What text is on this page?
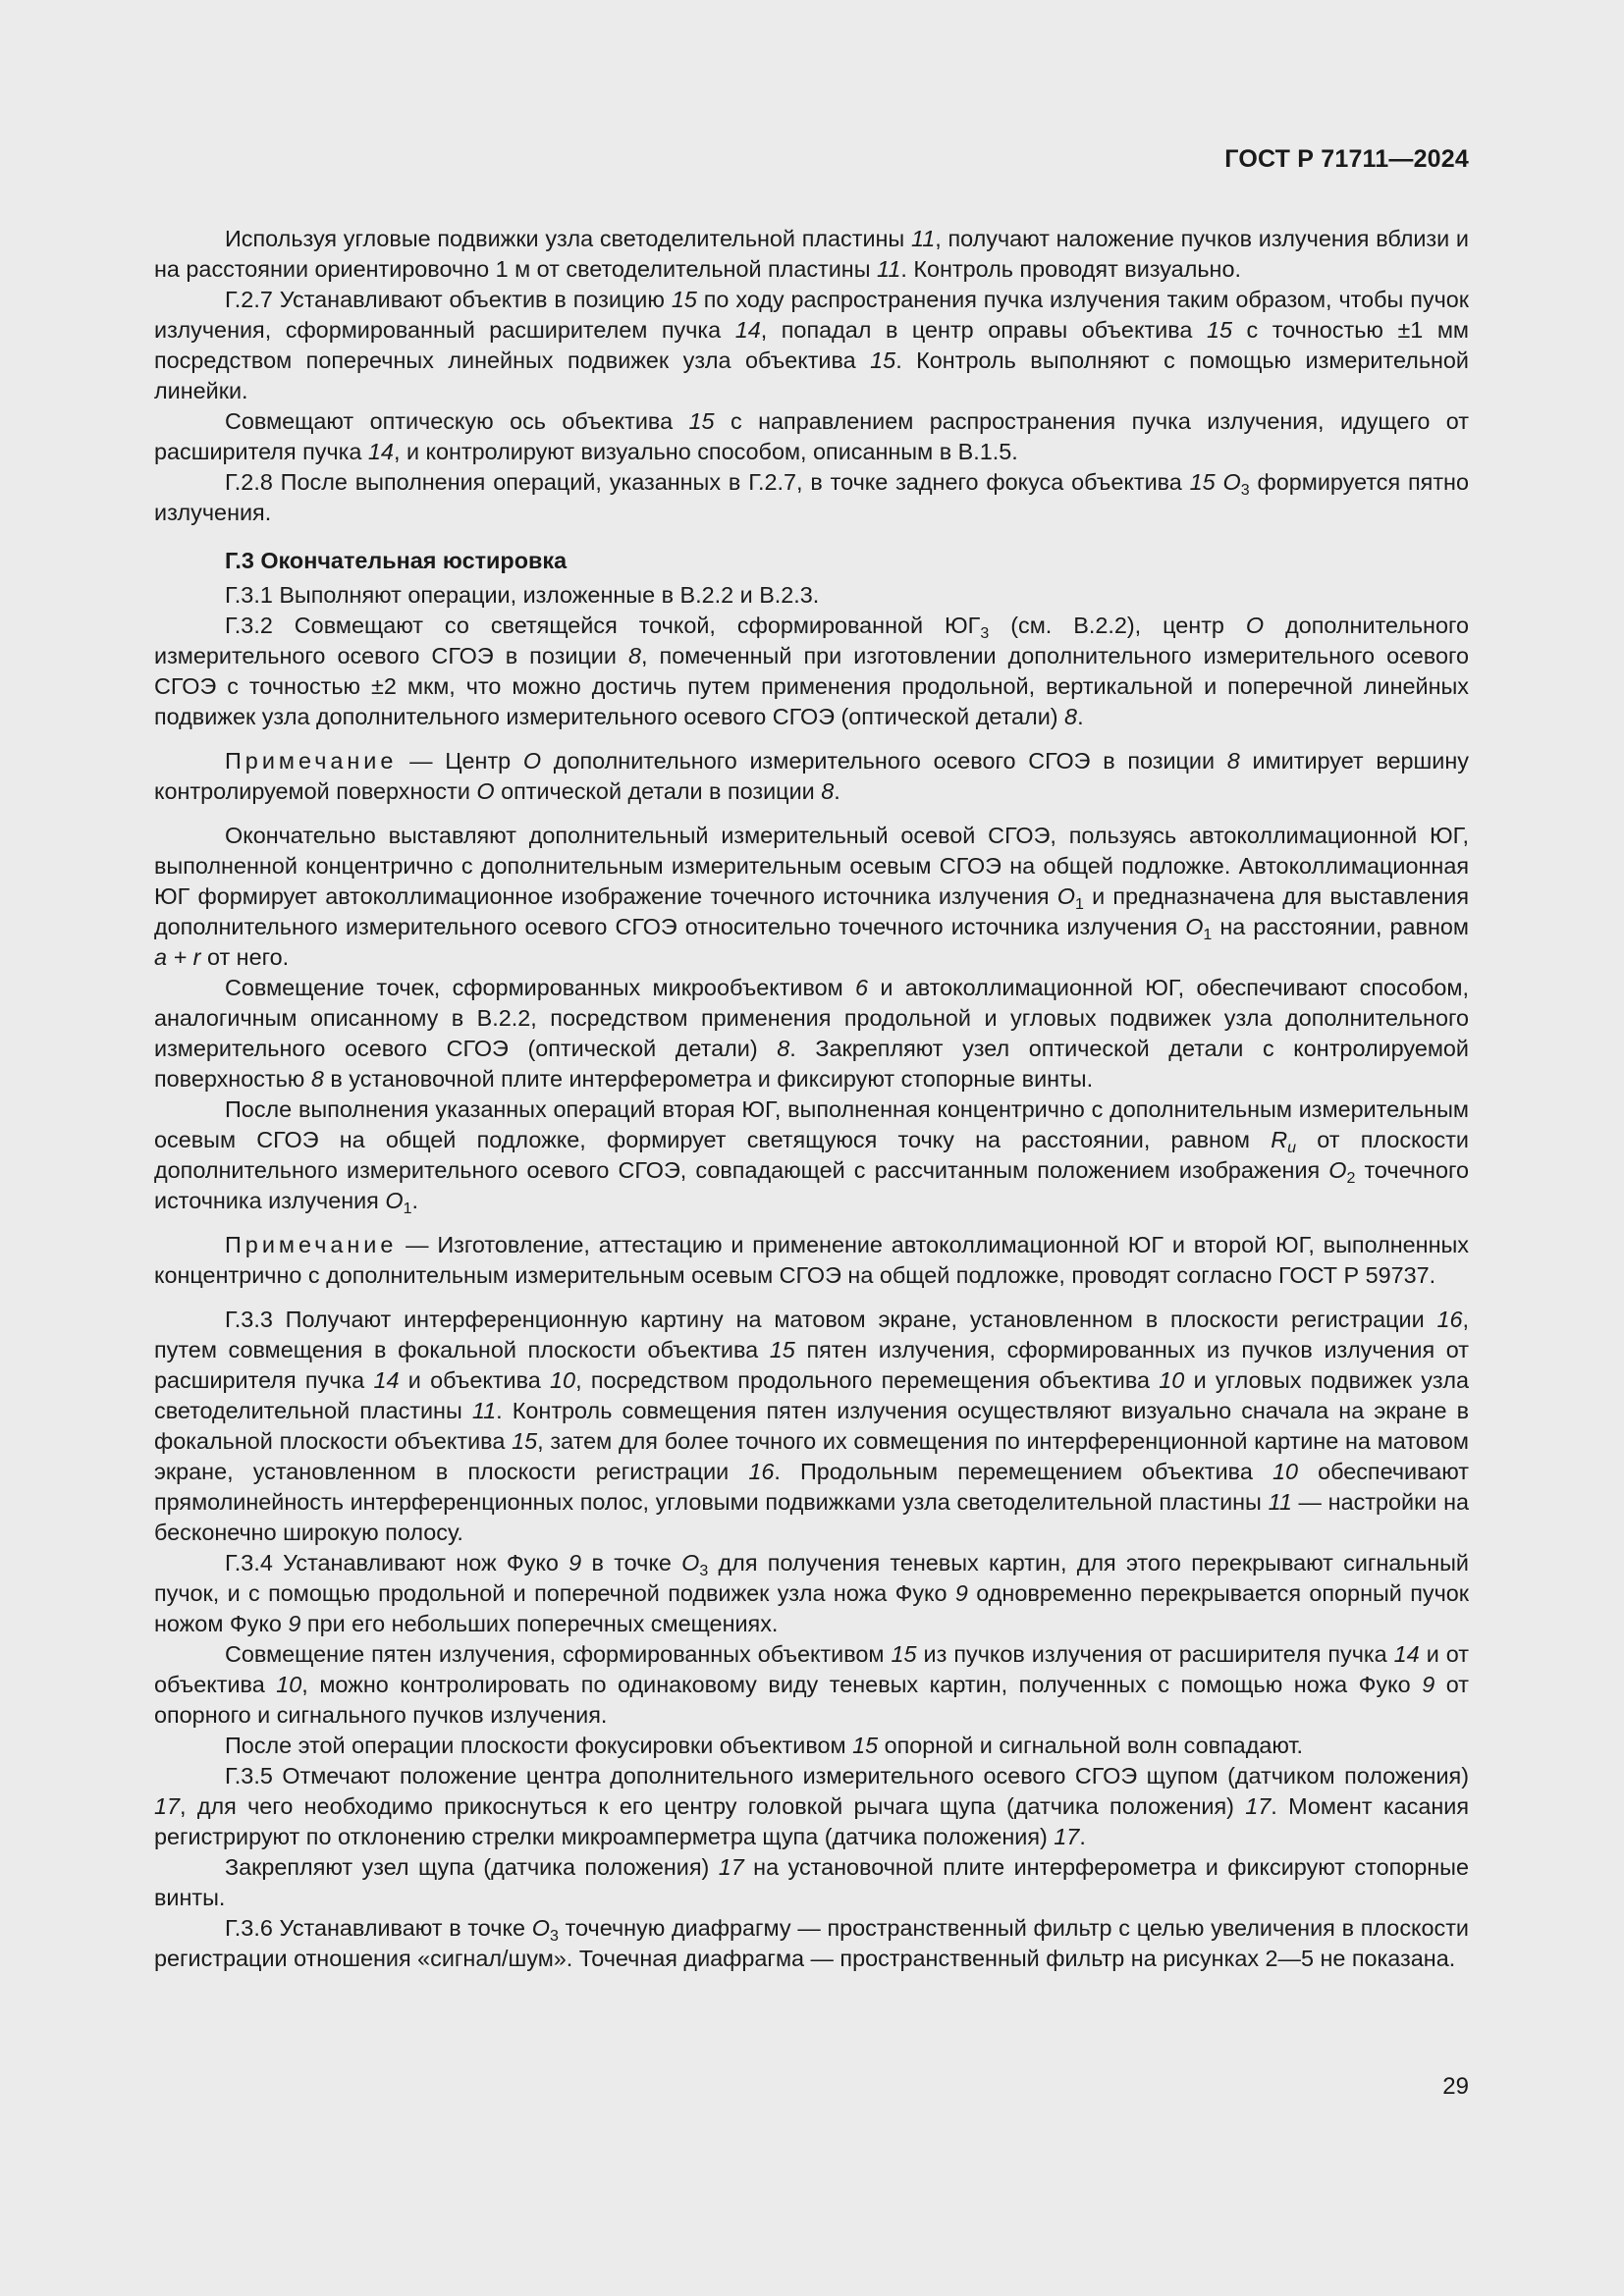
ГОСТ Р 71711—2024

Используя угловые подвижки узла светоделительной пластины 11, получают наложение пучков излучения вблизи и на расстоянии ориентировочно 1 м от светоделительной пластины 11. Контроль проводят визуально.

Г.2.7 Устанавливают объектив в позицию 15 по ходу распространения пучка излучения таким образом, чтобы пучок излучения, сформированный расширителем пучка 14, попадал в центр оправы объектива 15 с точностью ±1 мм посредством поперечных линейных подвижек узла объектива 15. Контроль выполняют с помощью измерительной линейки.

Совмещают оптическую ось объектива 15 с направлением распространения пучка излучения, идущего от расширителя пучка 14, и контролируют визуально способом, описанным в В.1.5.

Г.2.8 После выполнения операций, указанных в Г.2.7, в точке заднего фокуса объектива 15 $O_3$ формируется пятно излучения.

Г.3 Окончательная юстировка

Г.3.1 Выполняют операции, изложенные в В.2.2 и В.2.3.

Г.3.2 Совмещают со светящейся точкой, сформированной $ЮГ_3$ (см. В.2.2), центр O дополнительного измерительного осевого СГОЭ в позиции 8, помеченный при изготовлении дополнительного измерительного осевого СГОЭ с точностью ±2 мкм, что можно достичь путем применения продольной, вертикальной и поперечной линейных подвижек узла дополнительного измерительного осевого СГОЭ (оптической детали) 8.

Примечание — Центр O дополнительного измерительного осевого СГОЭ в позиции 8 имитирует вершину контролируемой поверхности O оптической детали в позиции 8.

Окончательно выставляют дополнительный измерительный осевой СГОЭ, пользуясь автоколлимационной ЮГ, выполненной концентрично с дополнительным измерительным осевым СГОЭ на общей подложке. Автоколлимационная ЮГ формирует автоколлимационное изображение точечного источника излучения $O_1$ и предназначена для выставления дополнительного измерительного осевого СГОЭ относительно точечного источника излучения $O_1$ на расстоянии, равном a + r от него.

Совмещение точек, сформированных микрообъективом 6 и автоколлимационной ЮГ, обеспечивают способом, аналогичным описанному в В.2.2, посредством применения продольной и угловых подвижек узла дополнительного измерительного осевого СГОЭ (оптической детали) 8. Закрепляют узел оптической детали с контролируемой поверхностью 8 в установочной плите интерферометра и фиксируют стопорные винты.

После выполнения указанных операций вторая ЮГ, выполненная концентрично с дополнительным измерительным осевым СГОЭ на общей подложке, формирует светящуюся точку на расстоянии, равном $R_u$ от плоскости дополнительного измерительного осевого СГОЭ, совпадающей с рассчитанным положением изображения $O_2$ точечного источника излучения $O_1$.

Примечание — Изготовление, аттестацию и применение автоколлимационной ЮГ и второй ЮГ, выполненных концентрично с дополнительным измерительным осевым СГОЭ на общей подложке, проводят согласно ГОСТ Р 59737.

Г.3.3 Получают интерференционную картину на матовом экране, установленном в плоскости регистрации 16, путем совмещения в фокальной плоскости объектива 15 пятен излучения, сформированных из пучков излучения от расширителя пучка 14 и объектива 10, посредством продольного перемещения объектива 10 и угловых подвижек узла светоделительной пластины 11. Контроль совмещения пятен излучения осуществляют визуально сначала на экране в фокальной плоскости объектива 15, затем для более точного их совмещения по интерференционной картине на матовом экране, установленном в плоскости регистрации 16. Продольным перемещением объектива 10 обеспечивают прямолинейность интерференционных полос, угловыми подвижками узла светоделительной пластины 11 — настройки на бесконечно широкую полосу.

Г.3.4 Устанавливают нож Фуко 9 в точке $O_3$ для получения теневых картин, для этого перекрывают сигнальный пучок, и с помощью продольной и поперечной подвижек узла ножа Фуко 9 одновременно перекрывается опорный пучок ножом Фуко 9 при его небольших поперечных смещениях.

Совмещение пятен излучения, сформированных объективом 15 из пучков излучения от расширителя пучка 14 и от объектива 10, можно контролировать по одинаковому виду теневых картин, полученных с помощью ножа Фуко 9 от опорного и сигнального пучков излучения.

После этой операции плоскости фокусировки объективом 15 опорной и сигнальной волн совпадают.

Г.3.5 Отмечают положение центра дополнительного измерительного осевого СГОЭ щупом (датчиком положения) 17, для чего необходимо прикоснуться к его центру головкой рычага щупа (датчика положения) 17. Момент касания регистрируют по отклонению стрелки микроамперметра щупа (датчика положения) 17.

Закрепляют узел щупа (датчика положения) 17 на установочной плите интерферометра и фиксируют стопорные винты.

Г.3.6 Устанавливают в точке $O_3$ точечную диафрагму — пространственный фильтр с целью увеличения в плоскости регистрации отношения «сигнал/шум». Точечная диафрагма — пространственный фильтр на рисунках 2—5 не показана.

29
